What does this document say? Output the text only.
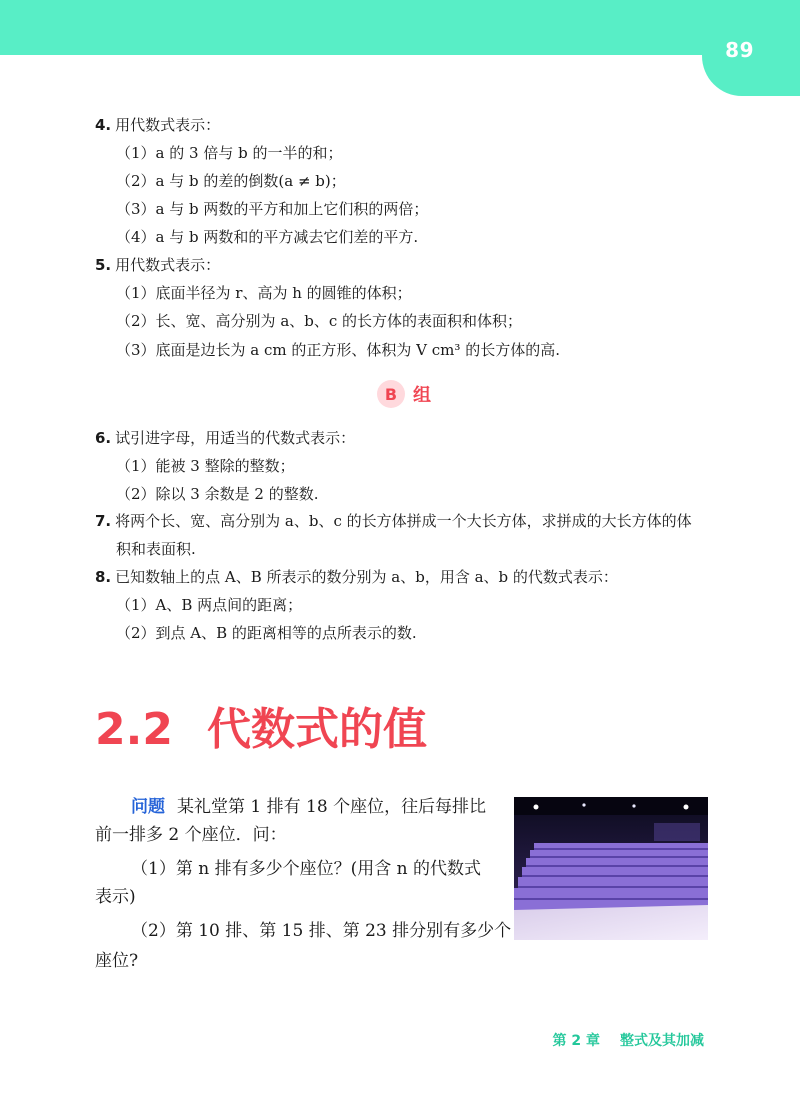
89
4. 用代数式表示：
（1）a 的 3 倍与 b 的一半的和；
（2）a 与 b 的差的倒数(a ≠ b)；
（3）a 与 b 两数的平方和加上它们积的两倍；
（4）a 与 b 两数和的平方减去它们差的平方.
5. 用代数式表示：
（1）底面半径为 r、高为 h 的圆锥的体积；
（2）长、宽、高分别为 a、b、c 的长方体的表面积和体积；
（3）底面是边长为 a cm 的正方形、体积为 V cm³ 的长方体的高.
B 组
6. 试引进字母，用适当的代数式表示：
（1）能被 3 整除的整数；
（2）除以 3 余数是 2 的整数.
7. 将两个长、宽、高分别为 a、b、c 的长方体拼成一个大长方体，求拼成的大长方体的体
积和表面积.
8. 已知数轴上的点 A、B 所表示的数分别为 a、b，用含 a、b 的代数式表示：
（1）A、B 两点间的距离；
（2）到点 A、B 的距离相等的点所表示的数.
2.2 代数式的值
问题 某礼堂第 1 排有 18 个座位，往后每排比
前一排多 2 个座位．问：
（1）第 n 排有多少个座位？(用含 n 的代数式
表示)
（2）第 10 排、第 15 排、第 23 排分别有多少个
座位?
第 2 章 整式及其加减
